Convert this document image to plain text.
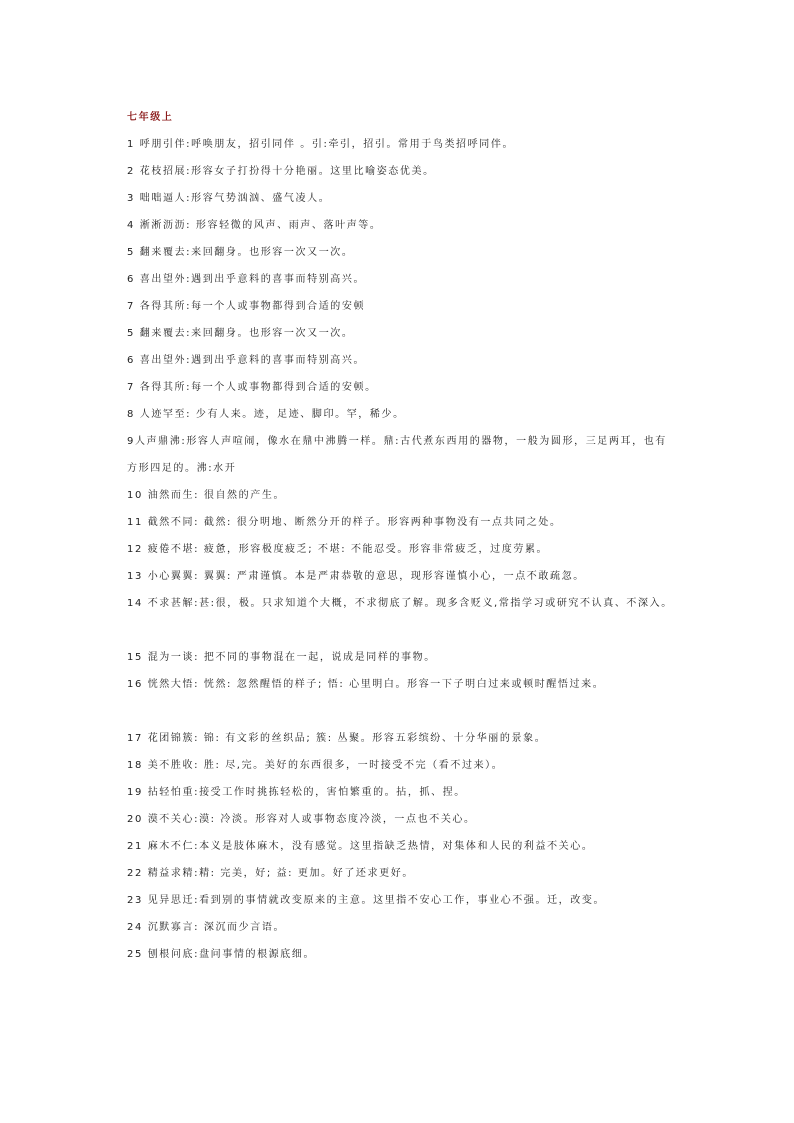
七年级上
1 呼朋引伴:呼唤朋友，招引同伴 。引:牵引，招引。常用于鸟类招呼同伴。
2 花枝招展:形容女子打扮得十分艳丽。这里比喻姿态优美。
3 咄咄逼人:形容气势汹汹、盛气凌人。
4 淅淅沥沥: 形容轻微的风声、雨声、落叶声等。
5 翻来覆去:来回翻身。也形容一次又一次。
6 喜出望外:遇到出乎意料的喜事而特别高兴。
7 各得其所:每一个人或事物都得到合适的安顿
5 翻来覆去:来回翻身。也形容一次又一次。
6 喜出望外:遇到出乎意料的喜事而特别高兴。
7 各得其所:每一个人或事物都得到合适的安顿。
8 人迹罕至: 少有人来。迹，足迹、脚印。罕，稀少。
9人声鼎沸:形容人声喧闹，像水在鼎中沸腾一样。鼎:古代煮东西用的器物，一般为圆形，三足两耳，也有方形四足的。沸:水开
10 油然而生: 很自然的产生。
11 截然不同: 截然: 很分明地、断然分开的样子。形容两种事物没有一点共同之处。
12 疲倦不堪: 疲惫，形容极度疲乏; 不堪: 不能忍受。形容非常疲乏，过度劳累。
13 小心翼翼: 翼翼: 严肃谨慎。本是严肃恭敬的意思，现形容谨慎小心，一点不敢疏忽。
14 不求甚解:甚:很，极。只求知道个大概，不求彻底了解。现多含贬义,常指学习或研究不认真、不深入。
15 混为一谈: 把不同的事物混在一起，说成是同样的事物。
16 恍然大悟: 恍然: 忽然醒悟的样子; 悟: 心里明白。形容一下子明白过来或顿时醒悟过来。
17 花团锦簇: 锦: 有文彩的丝织品; 簇: 丛聚。形容五彩缤纷、十分华丽的景象。
18 美不胜收: 胜: 尽,完。美好的东西很多，一时接受不完（看不过来）。
19 拈轻怕重:接受工作时挑拣轻松的，害怕繁重的。拈，抓、捏。
20 漠不关心:漠: 冷淡。形容对人或事物态度冷淡，一点也不关心。
21 麻木不仁:本义是肢体麻木，没有感觉。这里指缺乏热情，对集体和人民的利益不关心。
22 精益求精:精: 完美，好; 益: 更加。好了还求更好。
23 见异思迁:看到别的事情就改变原来的主意。这里指不安心工作，事业心不强。迁，改变。
24 沉默寡言: 深沉而少言语。
25 刨根问底:盘问事情的根源底细。
